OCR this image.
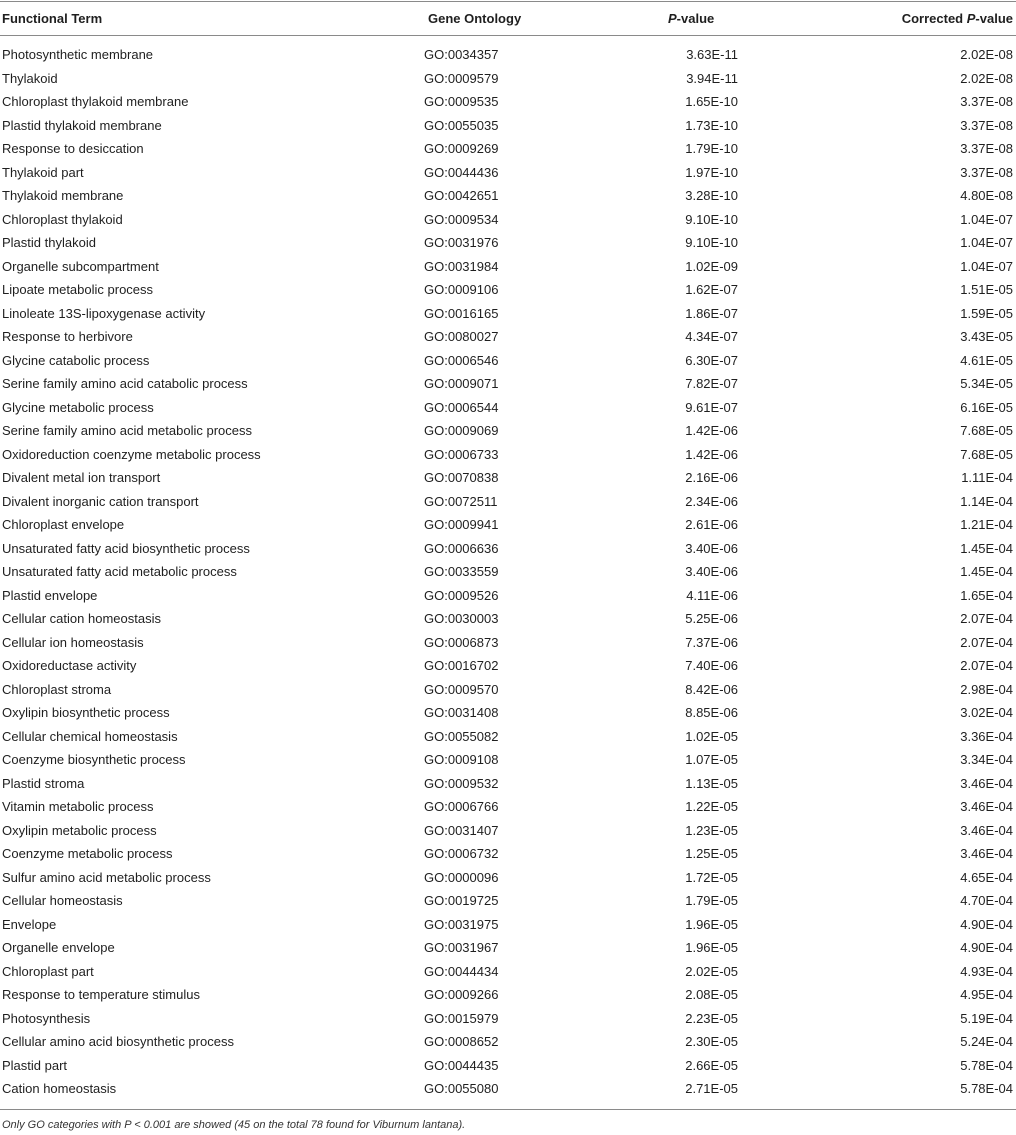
Functional Term	Gene Ontology	P-value	Corrected P-value
Photosynthetic membrane	GO:0034357	3.63E-11	2.02E-08
Thylakoid	GO:0009579	3.94E-11	2.02E-08
Chloroplast thylakoid membrane	GO:0009535	1.65E-10	3.37E-08
Plastid thylakoid membrane	GO:0055035	1.73E-10	3.37E-08
Response to desiccation	GO:0009269	1.79E-10	3.37E-08
Thylakoid part	GO:0044436	1.97E-10	3.37E-08
Thylakoid membrane	GO:0042651	3.28E-10	4.80E-08
Chloroplast thylakoid	GO:0009534	9.10E-10	1.04E-07
Plastid thylakoid	GO:0031976	9.10E-10	1.04E-07
Organelle subcompartment	GO:0031984	1.02E-09	1.04E-07
Lipoate metabolic process	GO:0009106	1.62E-07	1.51E-05
Linoleate 13S-lipoxygenase activity	GO:0016165	1.86E-07	1.59E-05
Response to herbivore	GO:0080027	4.34E-07	3.43E-05
Glycine catabolic process	GO:0006546	6.30E-07	4.61E-05
Serine family amino acid catabolic process	GO:0009071	7.82E-07	5.34E-05
Glycine metabolic process	GO:0006544	9.61E-07	6.16E-05
Serine family amino acid metabolic process	GO:0009069	1.42E-06	7.68E-05
Oxidoreduction coenzyme metabolic process	GO:0006733	1.42E-06	7.68E-05
Divalent metal ion transport	GO:0070838	2.16E-06	1.11E-04
Divalent inorganic cation transport	GO:0072511	2.34E-06	1.14E-04
Chloroplast envelope	GO:0009941	2.61E-06	1.21E-04
Unsaturated fatty acid biosynthetic process	GO:0006636	3.40E-06	1.45E-04
Unsaturated fatty acid metabolic process	GO:0033559	3.40E-06	1.45E-04
Plastid envelope	GO:0009526	4.11E-06	1.65E-04
Cellular cation homeostasis	GO:0030003	5.25E-06	2.07E-04
Cellular ion homeostasis	GO:0006873	7.37E-06	2.07E-04
Oxidoreductase activity	GO:0016702	7.40E-06	2.07E-04
Chloroplast stroma	GO:0009570	8.42E-06	2.98E-04
Oxylipin biosynthetic process	GO:0031408	8.85E-06	3.02E-04
Cellular chemical homeostasis	GO:0055082	1.02E-05	3.36E-04
Coenzyme biosynthetic process	GO:0009108	1.07E-05	3.34E-04
Plastid stroma	GO:0009532	1.13E-05	3.46E-04
Vitamin metabolic process	GO:0006766	1.22E-05	3.46E-04
Oxylipin metabolic process	GO:0031407	1.23E-05	3.46E-04
Coenzyme metabolic process	GO:0006732	1.25E-05	3.46E-04
Sulfur amino acid metabolic process	GO:0000096	1.72E-05	4.65E-04
Cellular homeostasis	GO:0019725	1.79E-05	4.70E-04
Envelope	GO:0031975	1.96E-05	4.90E-04
Organelle envelope	GO:0031967	1.96E-05	4.90E-04
Chloroplast part	GO:0044434	2.02E-05	4.93E-04
Response to temperature stimulus	GO:0009266	2.08E-05	4.95E-04
Photosynthesis	GO:0015979	2.23E-05	5.19E-04
Cellular amino acid biosynthetic process	GO:0008652	2.30E-05	5.24E-04
Plastid part	GO:0044435	2.66E-05	5.78E-04
Cation homeostasis	GO:0055080	2.71E-05	5.78E-04
Only GO categories with P < 0.001 are showed (45 on the total 78 found for Viburnum lantana).
